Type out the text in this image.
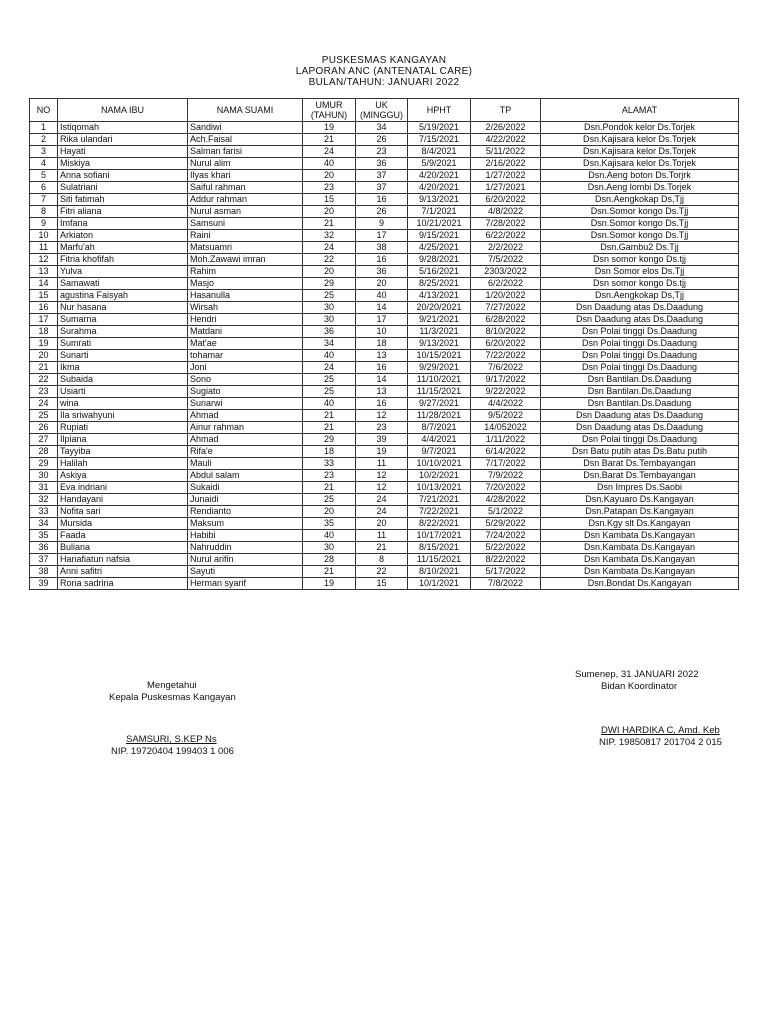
PUSKESMAS KANGAYAN
LAPORAN ANC (ANTENATAL CARE)
BULAN/TAHUN: JANUARI 2022
NO	NAMA IBU	NAMA SUAMI	UMUR (TAHUN)	UK (MINGGU)	HPHT	TP	ALAMAT
1	Istiqomah	Sandiwi	19	34	5/19/2021	2/26/2022	Dsn.Pondok kelor Ds.Torjek
2	Rika ulandari	Ach.Faisal	21	26	7/15/2021	4/22/2022	Dsn.Kajisara kelor Ds.Torjek
3	Hayati	Salman farisi	24	23	8/4/2021	5/11/2022	Dsn.Kajisara kelor Ds.Torjek
4	Miskiya	Nurul alim	40	36	5/9/2021	2/16/2022	Dsn.Kajisara kelor Ds.Torjek
5	Anna sofiani	Ilyas khari	20	37	4/20/2021	1/27/2022	Dsn.Aeng boton Ds.Torjrk
6	Sulatriani	Saiful rahman	23	37	4/20/2021	1/27/2021	Dsn.Aeng lombi Ds.Torjek
7	Siti fatimah	Addur rahman	15	16	9/13/2021	6/20/2022	Dsn.Aengkokap Ds,Tjj
8	Fitri aliana	Nurul asman	20	26	7/1/2021	4/8/2022	Dsn.Somor kongo Ds.Tjj
9	Imfana	Samsuni	21	9	10/21/2021	7/28/2022	Dsn.Somor kongo Ds.Tjj
10	Arkiaton	Raini	32	17	9/15/2021	6/22/2022	Dsn.Somor kongo Ds.Tjj
11	Marfu'ah	Matsuamri	24	38	4/25/2021	2/2/2022	Dsn.Gambu2 Ds.Tjj
12	Fitria khofifah	Moh.Zawawi imran	22	16	9/28/2021	7/5/2022	Dsn somor kongo Ds.tjj
13	Yulva	Rahim	20	36	5/16/2021	2303/2022	Dsn Somor elos Ds.Tjj
14	Samawati	Masjo	29	20	8/25/2021	6/2/2022	Dsn somor kongo Ds.tjj
15	agustina Faisyah	Hasanulla	25	40	4/13/2021	1/20/2022	Dsn.Aengkokap Ds,Tjj
16	Nur hasana	Wirsah	30	14	20/20/2021	7/27/2022	Dsn Daadung atas Ds.Daadung
17	Sumarna	Hendri	30	17	9/21/2021	6/28/2022	Dsn Daadung atas Ds.Daadung
18	Surahma	Matdani	36	10	11/3/2021	8/10/2022	Dsn Polai tinggi Ds.Daadung
19	Sumrati	Mat'ae	34	18	9/13/2021	6/20/2022	Dsn Polai tinggi Ds.Daadung
20	Sunarti	tohamar	40	13	10/15/2021	7/22/2022	Dsn Polai tinggi Ds.Daadung
21	Ikma	Joni	24	16	9/29/2021	7/6/2022	Dsn Polai tinggi Ds.Daadung
22	Subaida	Sono	25	14	11/10/2021	9/17/2022	Dsn Bantilan.Ds.Daadung
23	Usiarti	Sugiato	25	13	11/15/2021	9/22/2022	Dsn Bantilan.Ds.Daadung
24	wina	Sunarwi	40	16	9/27/2021	4/4/2022	Dsn Bantilan.Ds.Daadung
25	Ila sriwahyuni	Ahmad	21	12	11/28/2021	9/5/2022	Dsn Daadung atas Ds.Daadung
26	Rupiati	Ainur rahman	21	23	8/7/2021	14/052022	Dsn Daadung atas Ds.Daadung
27	Ilpiana	Ahmad	29	39	4/4/2021	1/11/2022	Dsn Polai tinggi Ds.Daadung
28	Tayyiba	Rifa'e	18	19	9/7/2021	6/14/2022	Dsn Batu putih atas Ds.Batu putih
29	Halilah	Mauli	33	11	10/10/2021	7/17/2022	Dsn Barat Ds.Tembayangan
30	Askiya	Abdul salam	23	12	10/2/2021	7/9/2022	Dsn.Barat Ds.Tembayangan
31	Eva indriani	Sukaidi	21	12	10/13/2021	7/20/2022	Dsn Impres Ds.Saobi
32	Handayani	Junaidi	25	24	7/21/2021	4/28/2022	Dsn.Kayuaro Ds.Kangayan
33	Nofita sari	Rendianto	20	24	7/22/2021	5/1/2022	Dsn.Patapan Ds.Kangayan
34	Mursida	Maksum	35	20	8/22/2021	5/29/2022	Dsn.Kgy slt Ds.Kangayan
35	Faada	Habibi	40	11	10/17/2021	7/24/2022	Dsn Kambata Ds.Kangayan
36	Buliana	Nahruddin	30	21	8/15/2021	5/22/2022	Dsn.Kambata Ds.Kangayan
37	Hanafiatun nafsia	Nurul arifin	28	8	11/15/2021	8/22/2022	Dsn Kambata Ds.Kangayan
38	Anni safitri	Sayuti	21	22	8/10/2021	5/17/2022	Dsn Kambata Ds.Kangayan
39	Rona sadrina	Herman syarif	19	15	10/1/2021	7/8/2022	Dsn.Bondat Ds.Kangayan
Mengetahui
Kepala Puskesmas Kangayan
SAMSURI, S.KEP Ns
NIP. 19720404 199403 1 006
Sumenep, 31 JANUARI 2022
Bidan Koordinator
DWI HARDIKA C, Amd. Keb
NIP. 19850817 201704 2 015
